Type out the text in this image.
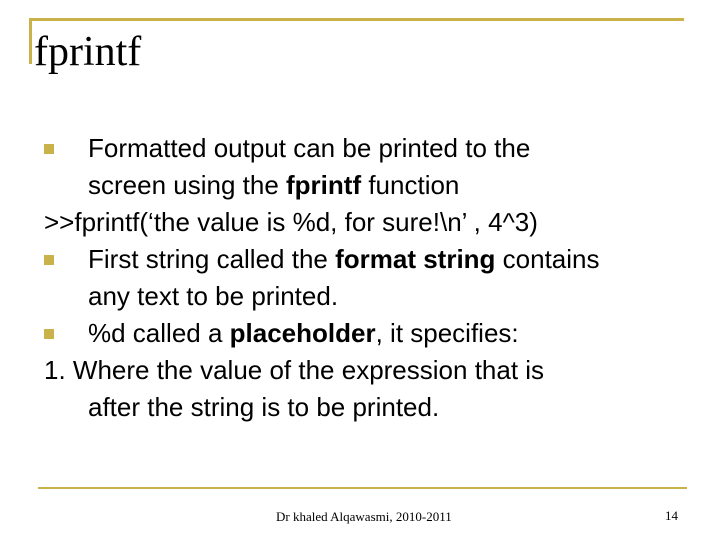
fprintf
Formatted output can be printed to the
screen using the fprintf function
>>fprintf(‘the value is %d, for sure!\n’ , 4^3)
First string called the format string contains
any text to be printed.
%d called a placeholder, it specifies:
1. Where the value of the expression that is
after the string is to be printed.
Dr khaled Alqawasmi, 2010-2011	14
